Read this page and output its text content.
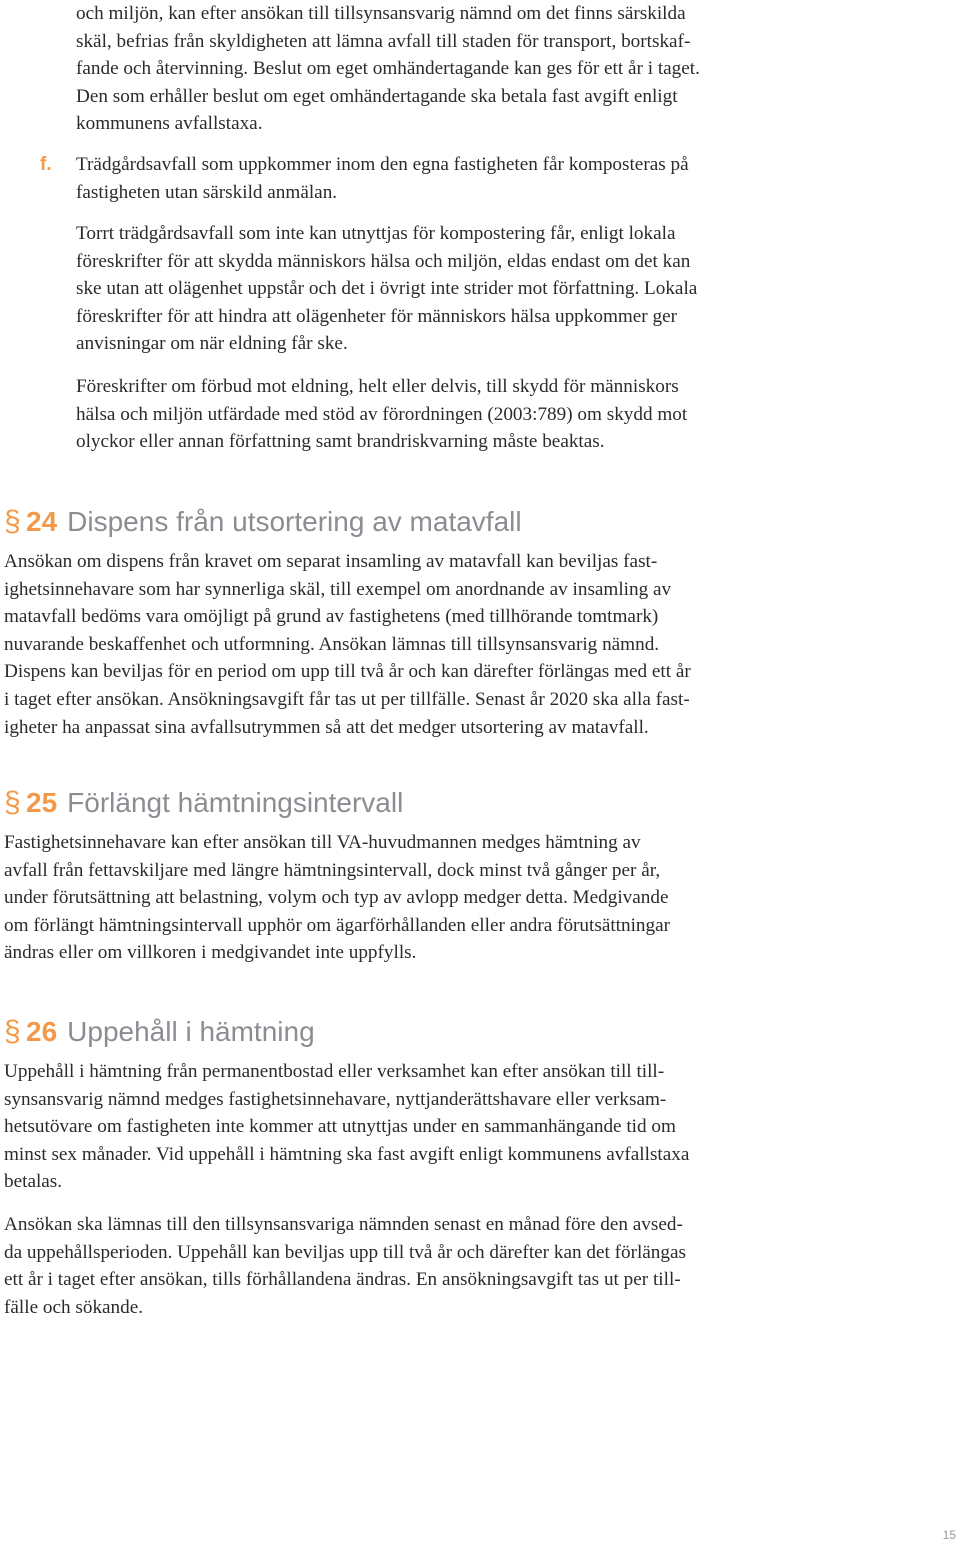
och miljön, kan efter ansökan till tillsynsansvarig nämnd om det finns särskilda
skäl, befrias från skyldigheten att lämna avfall till staden för transport, bortskaf-
fande och återvinning. Beslut om eget omhändertagande kan ges för ett år i taget.
Den som erhåller beslut om eget omhändertagande ska betala fast avgift enligt
kommunens avfallstaxa.
f. Trädgårdsavfall som uppkommer inom den egna fastigheten får komposteras på
fastigheten utan särskild anmälan.
Torrt trädgårdsavfall som inte kan utnyttjas för kompostering får, enligt lokala
föreskrifter för att skydda människors hälsa och miljön, eldas endast om det kan
ske utan att olägenhet uppstår och det i övrigt inte strider mot författning. Lokala
föreskrifter för att hindra att olägenheter för människors hälsa uppkommer ger
anvisningar om när eldning får ske.
Föreskrifter om förbud mot eldning, helt eller delvis, till skydd för människors
hälsa och miljön utfärdade med stöd av förordningen (2003:789) om skydd mot
olyckor eller annan författning samt brandriskvarning måste beaktas.
§ 24 Dispens från utsortering av matavfall
Ansökan om dispens från kravet om separat insamling av matavfall kan beviljas fast-
ighetsinnehavare som har synnerliga skäl, till exempel om anordnande av insamling av
matavfall bedöms vara omöjligt på grund av fastighetens (med tillhörande tomtmark)
nuvarande beskaffenhet och utformning. Ansökan lämnas till tillsynsansvarig nämnd.
Dispens kan beviljas för en period om upp till två år och kan därefter förlängas med ett år
i taget efter ansökan. Ansökningsavgift får tas ut per tillfälle. Senast år 2020 ska alla fast-
igheter ha anpassat sina avfallsutrymmen så att det medger utsortering av matavfall.
§ 25 Förlängt hämtningsintervall
Fastighetsinnehavare kan efter ansökan till VA-huvudmannen medges hämtning av
avfall från fettavskiljare med längre hämtningsintervall, dock minst två gånger per år,
under förutsättning att belastning, volym och typ av avlopp medger detta. Medgivande
om förlängt hämtningsintervall upphör om ägarförhållanden eller andra förutsättningar
ändras eller om villkoren i medgivandet inte uppfylls.
§ 26 Uppehåll i hämtning
Uppehåll i hämtning från permanentbostad eller verksamhet kan efter ansökan till till-
synsansvarig nämnd medges fastighetsinnehavare, nyttjanderättshavare eller verksam-
hetsutövare om fastigheten inte kommer att utnyttjas under en sammanhängande tid om
minst sex månader. Vid uppehåll i hämtning ska fast avgift enligt kommunens avfallstaxa
betalas.
Ansökan ska lämnas till den tillsynsansvariga nämnden senast en månad före den avsed-
da uppehållsperioden. Uppehåll kan beviljas upp till två år och därefter kan det förlängas
ett år i taget efter ansökan, tills förhållandena ändras. En ansökningsavgift tas ut per till-
fälle och sökande.
15
